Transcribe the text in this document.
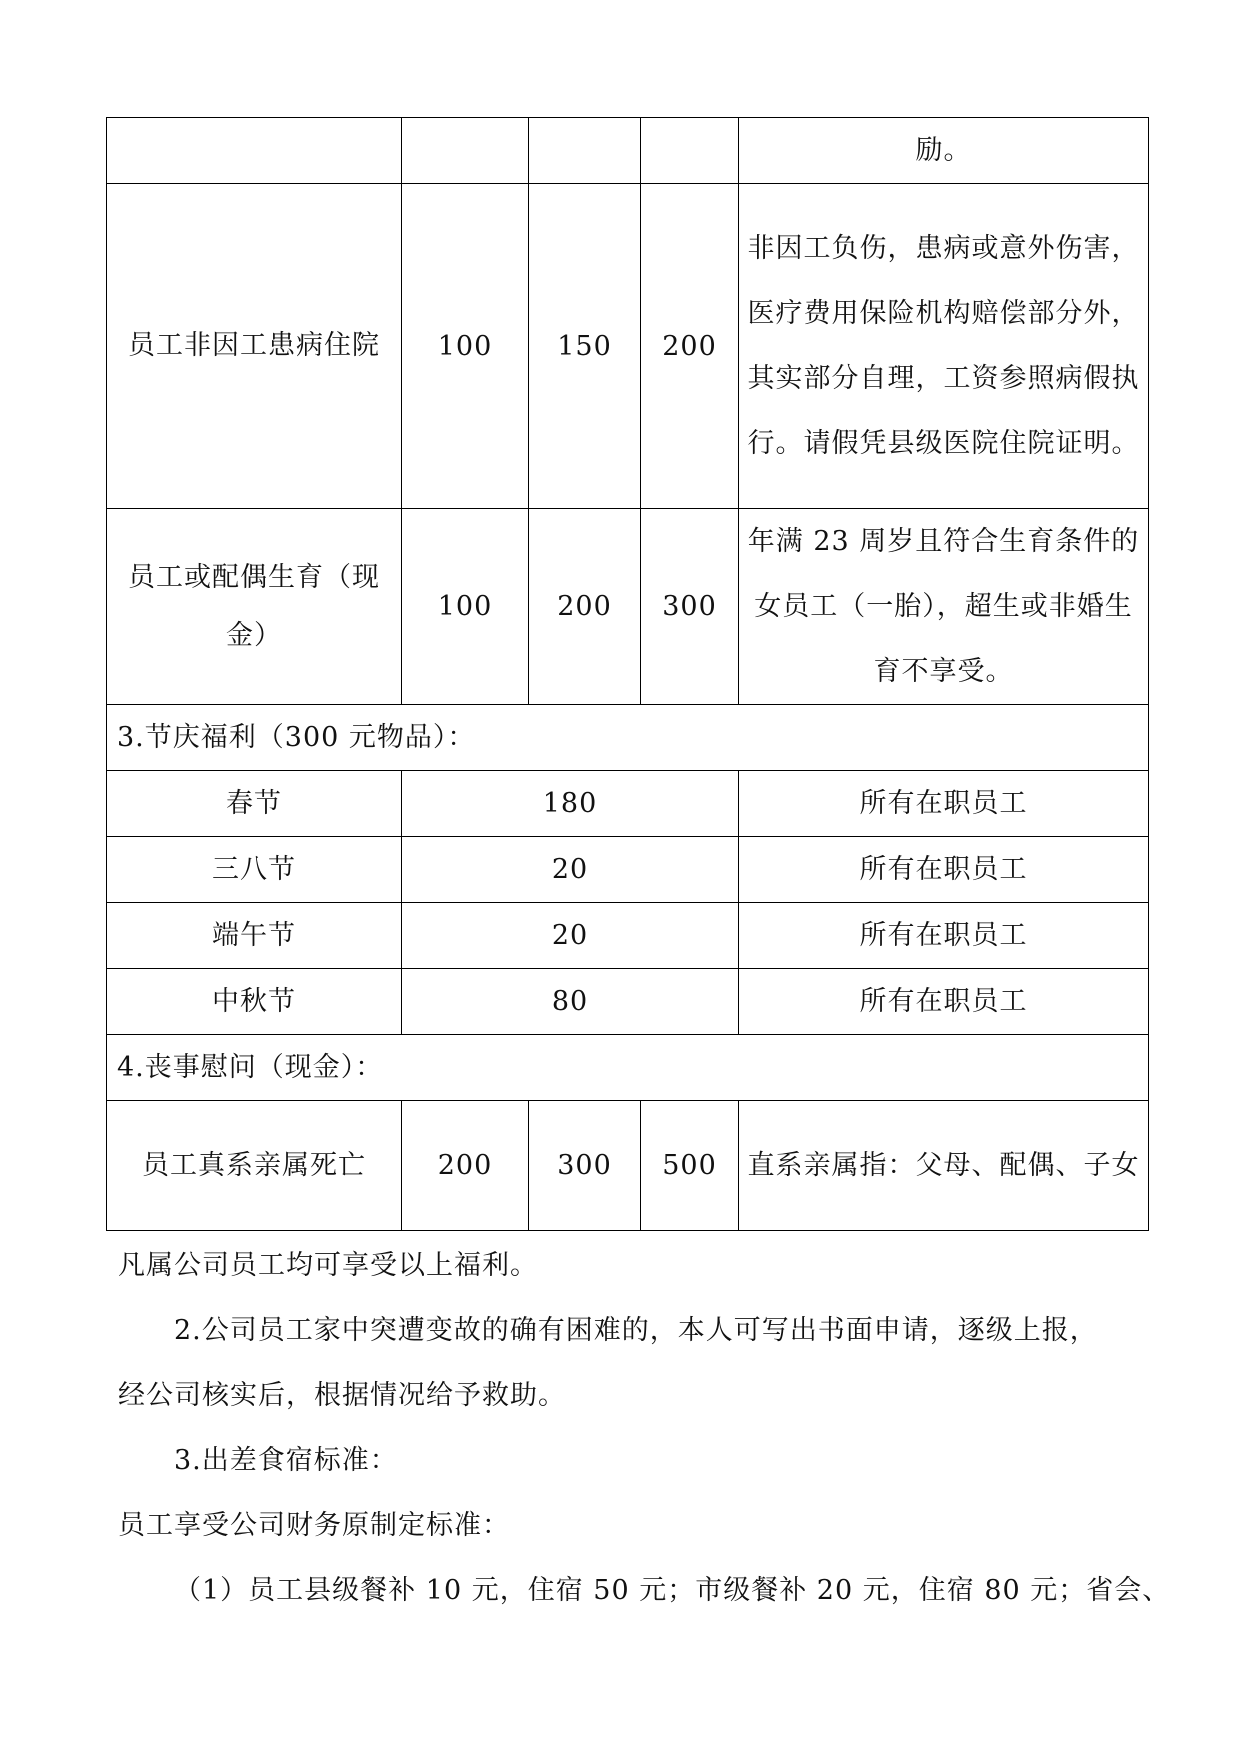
				励。
员工非因工患病住院	100	150	200	非因工负伤，患病或意外伤害，医疗费用保险机构赔偿部分外，其实部分自理，工资参照病假执行。请假凭县级医院住院证明。
员工或配偶生育（现金）	100	200	300	年满 23 周岁且符合生育条件的女员工（一胎），超生或非婚生育不享受。
3.节庆福利（300 元物品）：				
春节	180			所有在职员工
三八节	20			所有在职员工
端午节	20			所有在职员工
中秋节	80			所有在职员工
4.丧事慰问（现金）：				
员工真系亲属死亡	200	300	500	直系亲属指：父母、配偶、子女

凡属公司员工均可享受以上福利。

2.公司员工家中突遭变故的确有困难的，本人可写出书面申请，逐级上报，

经公司核实后，根据情况给予救助。

3.出差食宿标准：

员工享受公司财务原制定标准：

（1）员工县级餐补 10 元，住宿 50 元；市级餐补 20 元，住宿 80 元；省会、
